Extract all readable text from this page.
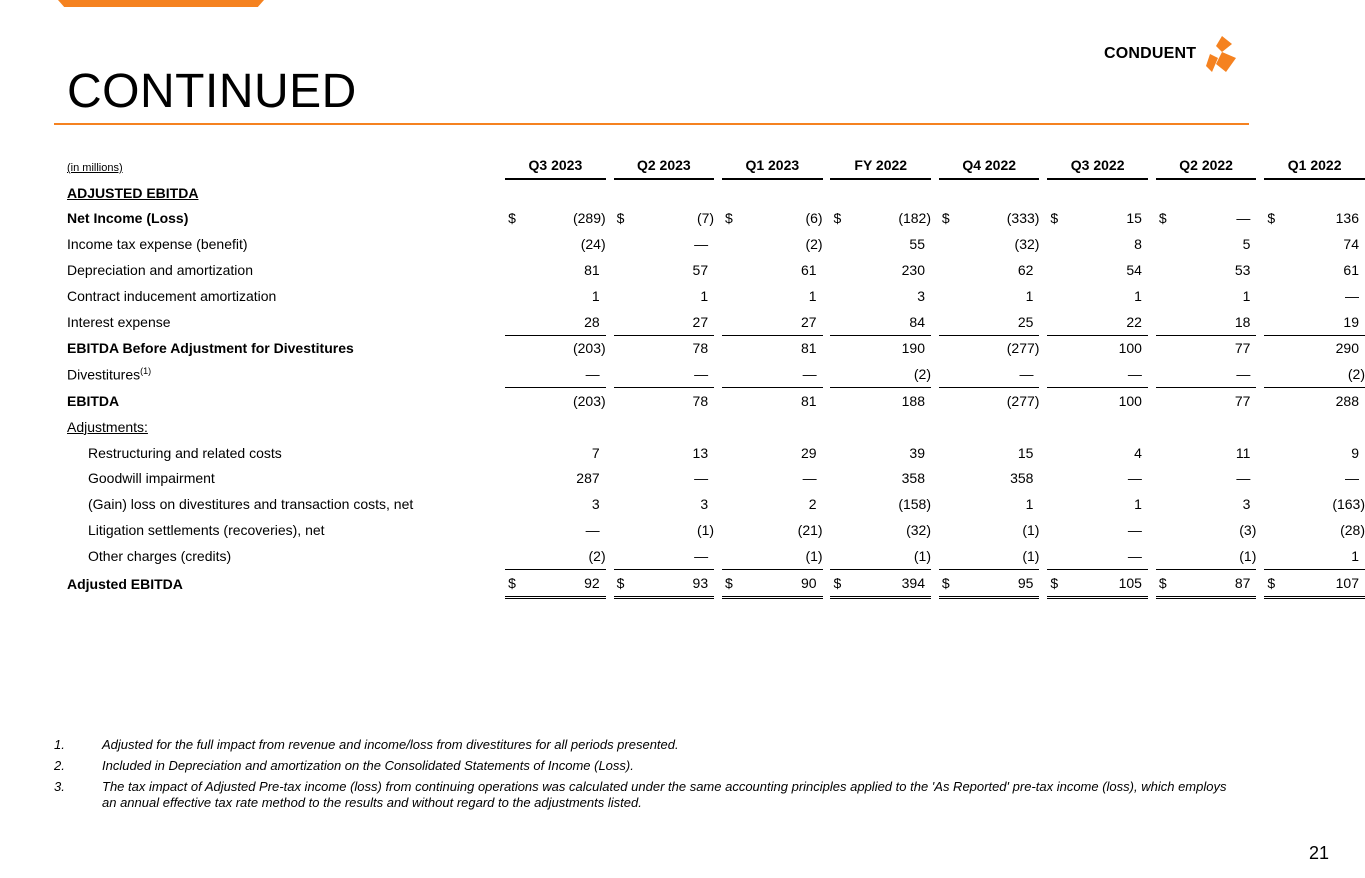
CONDUENT
CONTINUED
(in millions)		Q3 2023			Q2 2023			Q1 2023			FY 2022			Q4 2022			Q3 2022			Q2 2022			Q1 2022	
ADJUSTED EBITDA																								
Net Income (Loss)		$	(289)		$	(7)		$	(6)		$	(182)		$	(333)		$	15		$	—		$	136
Income tax expense (benefit)			(24)			—			(2)			55			(32)			8			5			74
Depreciation and amortization			81			57			61			230			62			54			53			61
Contract inducement amortization			1			1			1			3			1			1			1			—
Interest expense			28			27			27			84			25			22			18			19
EBITDA Before Adjustment for Divestitures			(203)			78			81			190			(277)			100			77			290
Divestitures$^{(1)}$			—			—			—			(2)			—			—			—			(2)
EBITDA			(203)			78			81			188			(277)			100			77			288
Adjustments:																								
Restructuring and related costs			7			13			29			39			15			4			11			9
Goodwill impairment			287			—			—			358			358			—			—			—
(Gain) loss on divestitures and transaction costs, net			3			3			2			(158)			1			1			3			(163)
Litigation settlements (recoveries), net			—			(1)			(21)			(32)			(1)			—			(3)			(28)
Other charges (credits)			(2)			—			(1)			(1)			(1)			—			(1)			1
Adjusted EBITDA		$	92		$	93		$	90		$	394		$	95		$	105		$	87		$	107
1.	Adjusted for the full impact from revenue and income/loss from divestitures for all periods presented.
2.	Included in Depreciation and amortization on the Consolidated Statements of Income (Loss).
3.	The tax impact of Adjusted Pre-tax income (loss) from continuing operations was calculated under the same accounting principles applied to the 'As Reported' pre-tax income (loss), which employs an annual effective tax rate method to the results and without regard to the adjustments listed.
21
